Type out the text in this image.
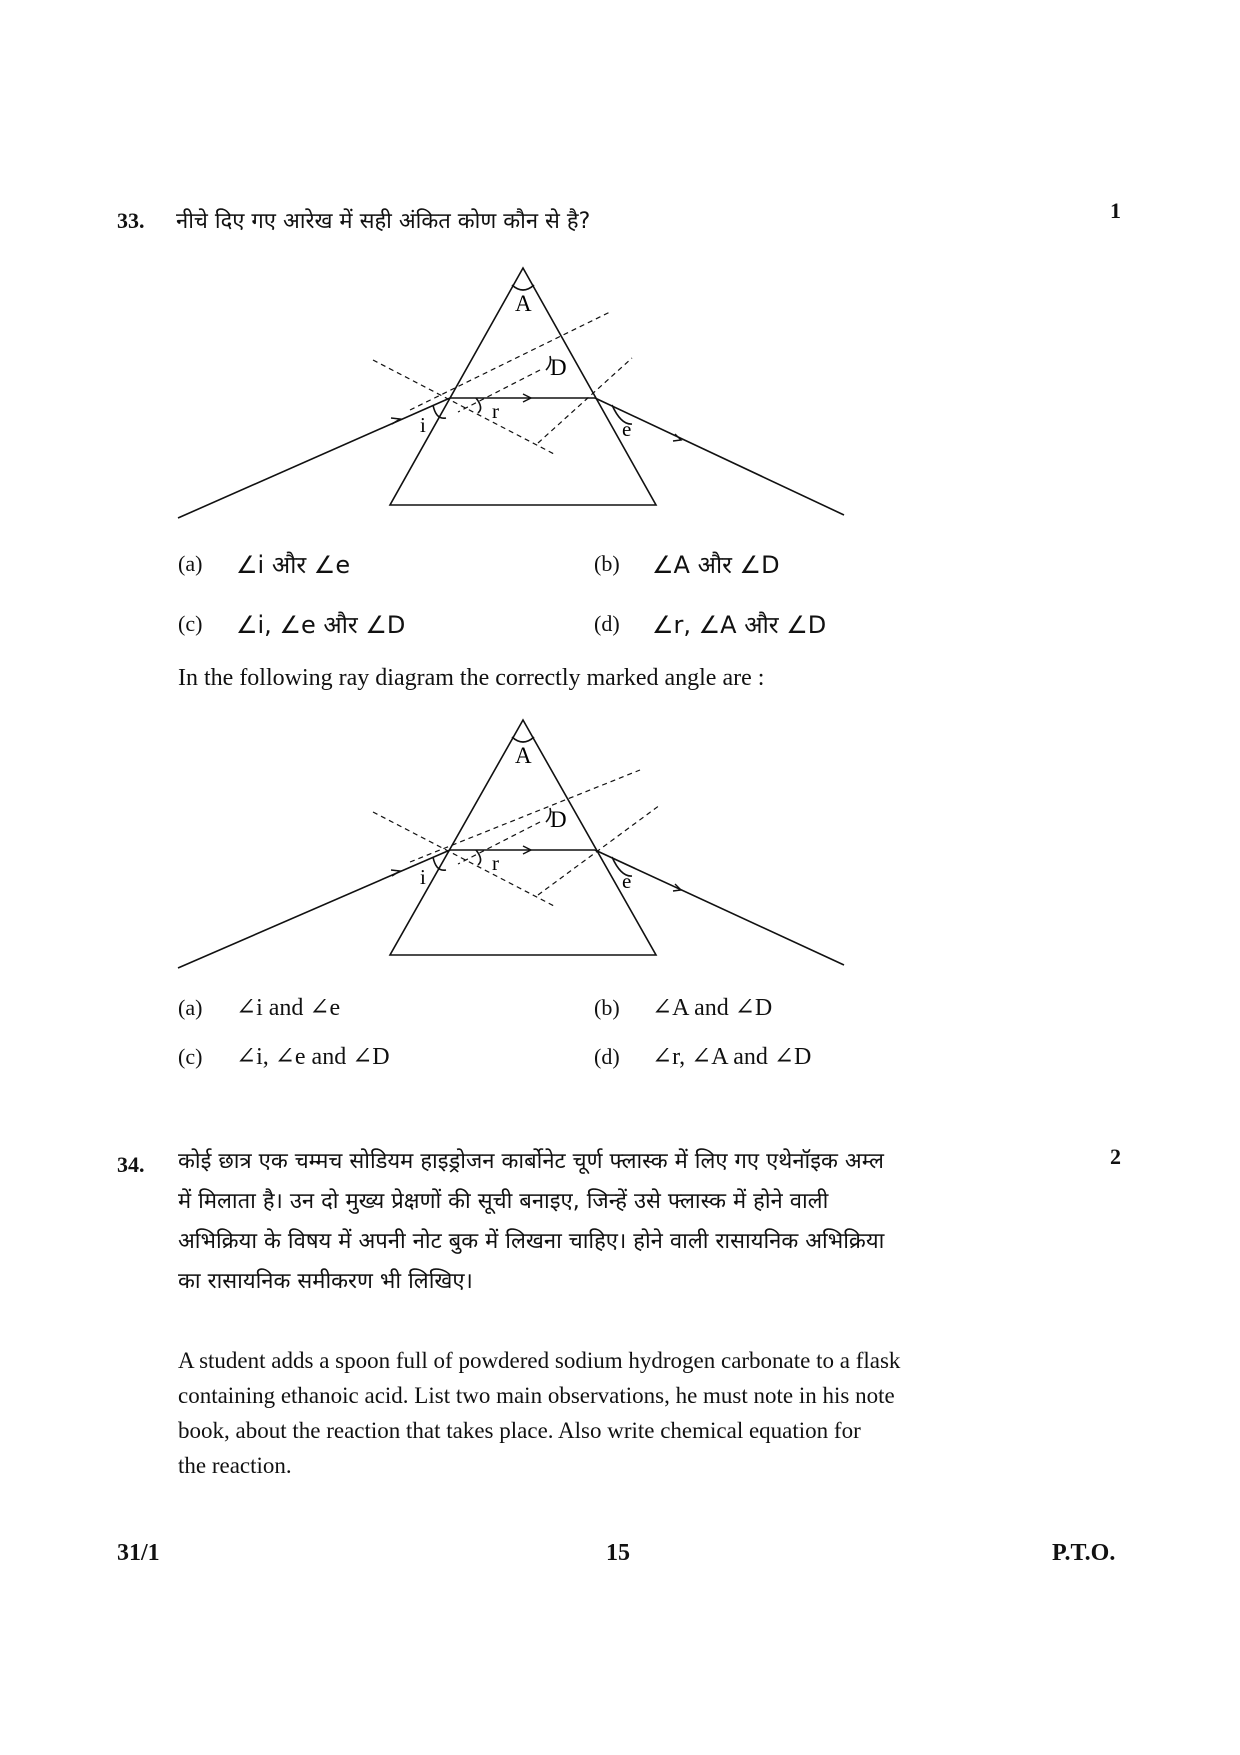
33. नीचे दिए गए आरेख में सही अंकित कोण कौन से है?	1
A
D
r
i	e
(a) ∠i और ∠e	(b) ∠A और ∠D
(c) ∠i, ∠e और ∠D	(d) ∠r, ∠A और ∠D
In the following ray diagram the correctly marked angle are :
A
D
r
i	e
(a) ∠i and ∠e	(b) ∠A and ∠D
(c) ∠i, ∠e and ∠D	(d) ∠r, ∠A and ∠D
34.	2
कोई छात्र एक चम्मच सोडियम हाइड्रोजन कार्बोनेट चूर्ण फ्लास्क में लिए गए एथेनॉइक अम्ल
में मिलाता है। उन दो मुख्य प्रेक्षणों की सूची बनाइए, जिन्हें उसे फ्लास्क में होने वाली
अभिक्रिया के विषय में अपनी नोट बुक में लिखना चाहिए। होने वाली रासायनिक अभिक्रिया
का रासायनिक समीकरण भी लिखिए।
A student adds a spoon full of powdered sodium hydrogen carbonate to a flask
containing ethanoic acid. List two main observations, he must note in his note
book, about the reaction that takes place. Also write chemical equation for
the reaction.
31/1	15	P.T.O.
